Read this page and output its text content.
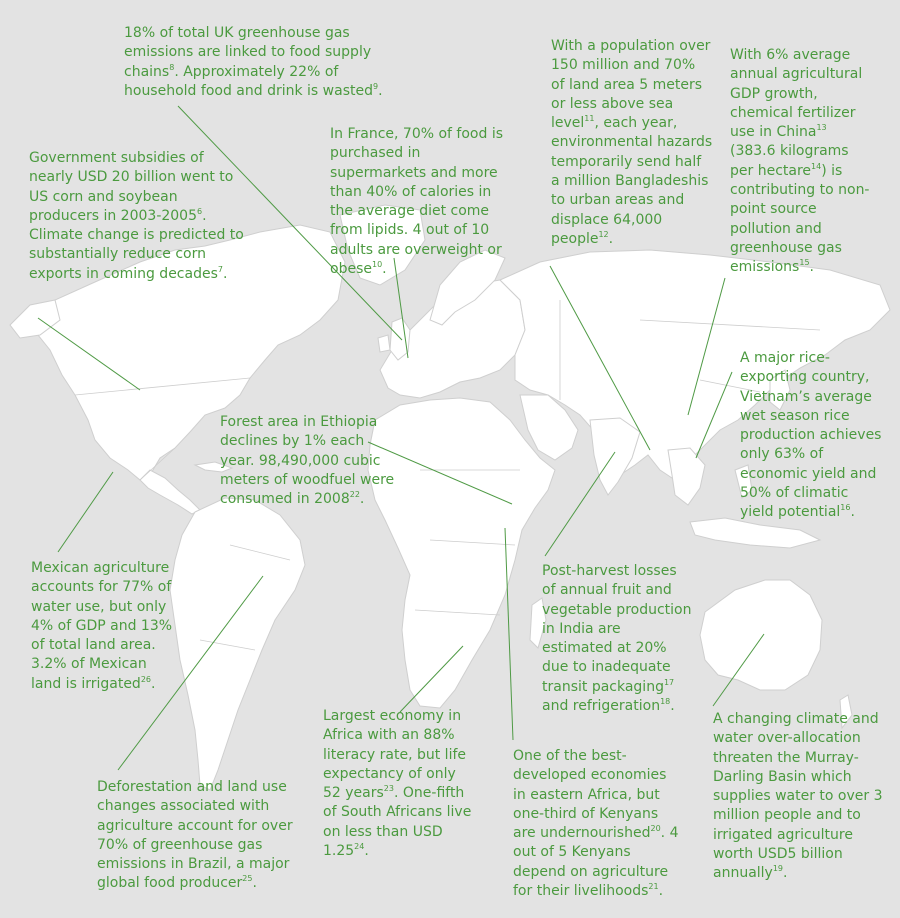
18% of total UK greenhouse gas emissions are linked to food supply chains$^8$. Approximately 22% of household food and drink is wasted$^9$.

Government subsidies of nearly USD 20 billion went to US corn and soybean producers in 2003-2005$^6$. Climate change is predicted to substantially reduce corn exports in coming decades$^7$.

In France, 70% of food is purchased in supermarkets and more than 40% of calories in the average diet come from lipids. 4 out of 10 adults are overweight or obese$^{10}$.

With a population over 150 million and 70% of land area 5 meters or less above sea level$^{11}$, each year, environmental hazards temporarily send half a million Bangladeshis to urban areas and displace 64,000 people$^{12}$.

With 6% average annual agricultural GDP growth, chemical fertilizer use in China$^{13}$ (383.6 kilograms per hectare$^{14}$) is contributing to non-point source pollution and greenhouse gas emissions$^{15}$.

A major rice-exporting country, Vietnam’s average wet season rice production achieves only 63% of economic yield and 50% of climatic yield potential$^{16}$.

Forest area in Ethiopia declines by 1% each year. 98,490,000 cubic meters of woodfuel were consumed in 2008$^{22}$.

Post-harvest losses of annual fruit and vegetable production in India are estimated at 20% due to inadequate transit packaging$^{17}$ and refrigeration$^{18}$.

Mexican agriculture accounts for 77% of water use, but only 4% of GDP and 13% of total land area. 3.2% of Mexican land is irrigated$^{26}$.

Largest economy in Africa with an 88% literacy rate, but life expectancy of only 52 years$^{23}$. One-fifth of South Africans live on less than USD 1.25$^{24}$.

Deforestation and land use changes associated with agriculture account for over 70% of greenhouse gas emissions in Brazil, a major global food producer$^{25}$.

One of the best-developed economies in eastern Africa, but one-third of Kenyans are undernourished$^{20}$. 4 out of 5 Kenyans depend on agriculture for their livelihoods$^{21}$.

A changing climate and water over-allocation threaten the Murray-Darling Basin which supplies water to over 3 million people and to irrigated agriculture worth USD5 billion annually$^{19}$.
